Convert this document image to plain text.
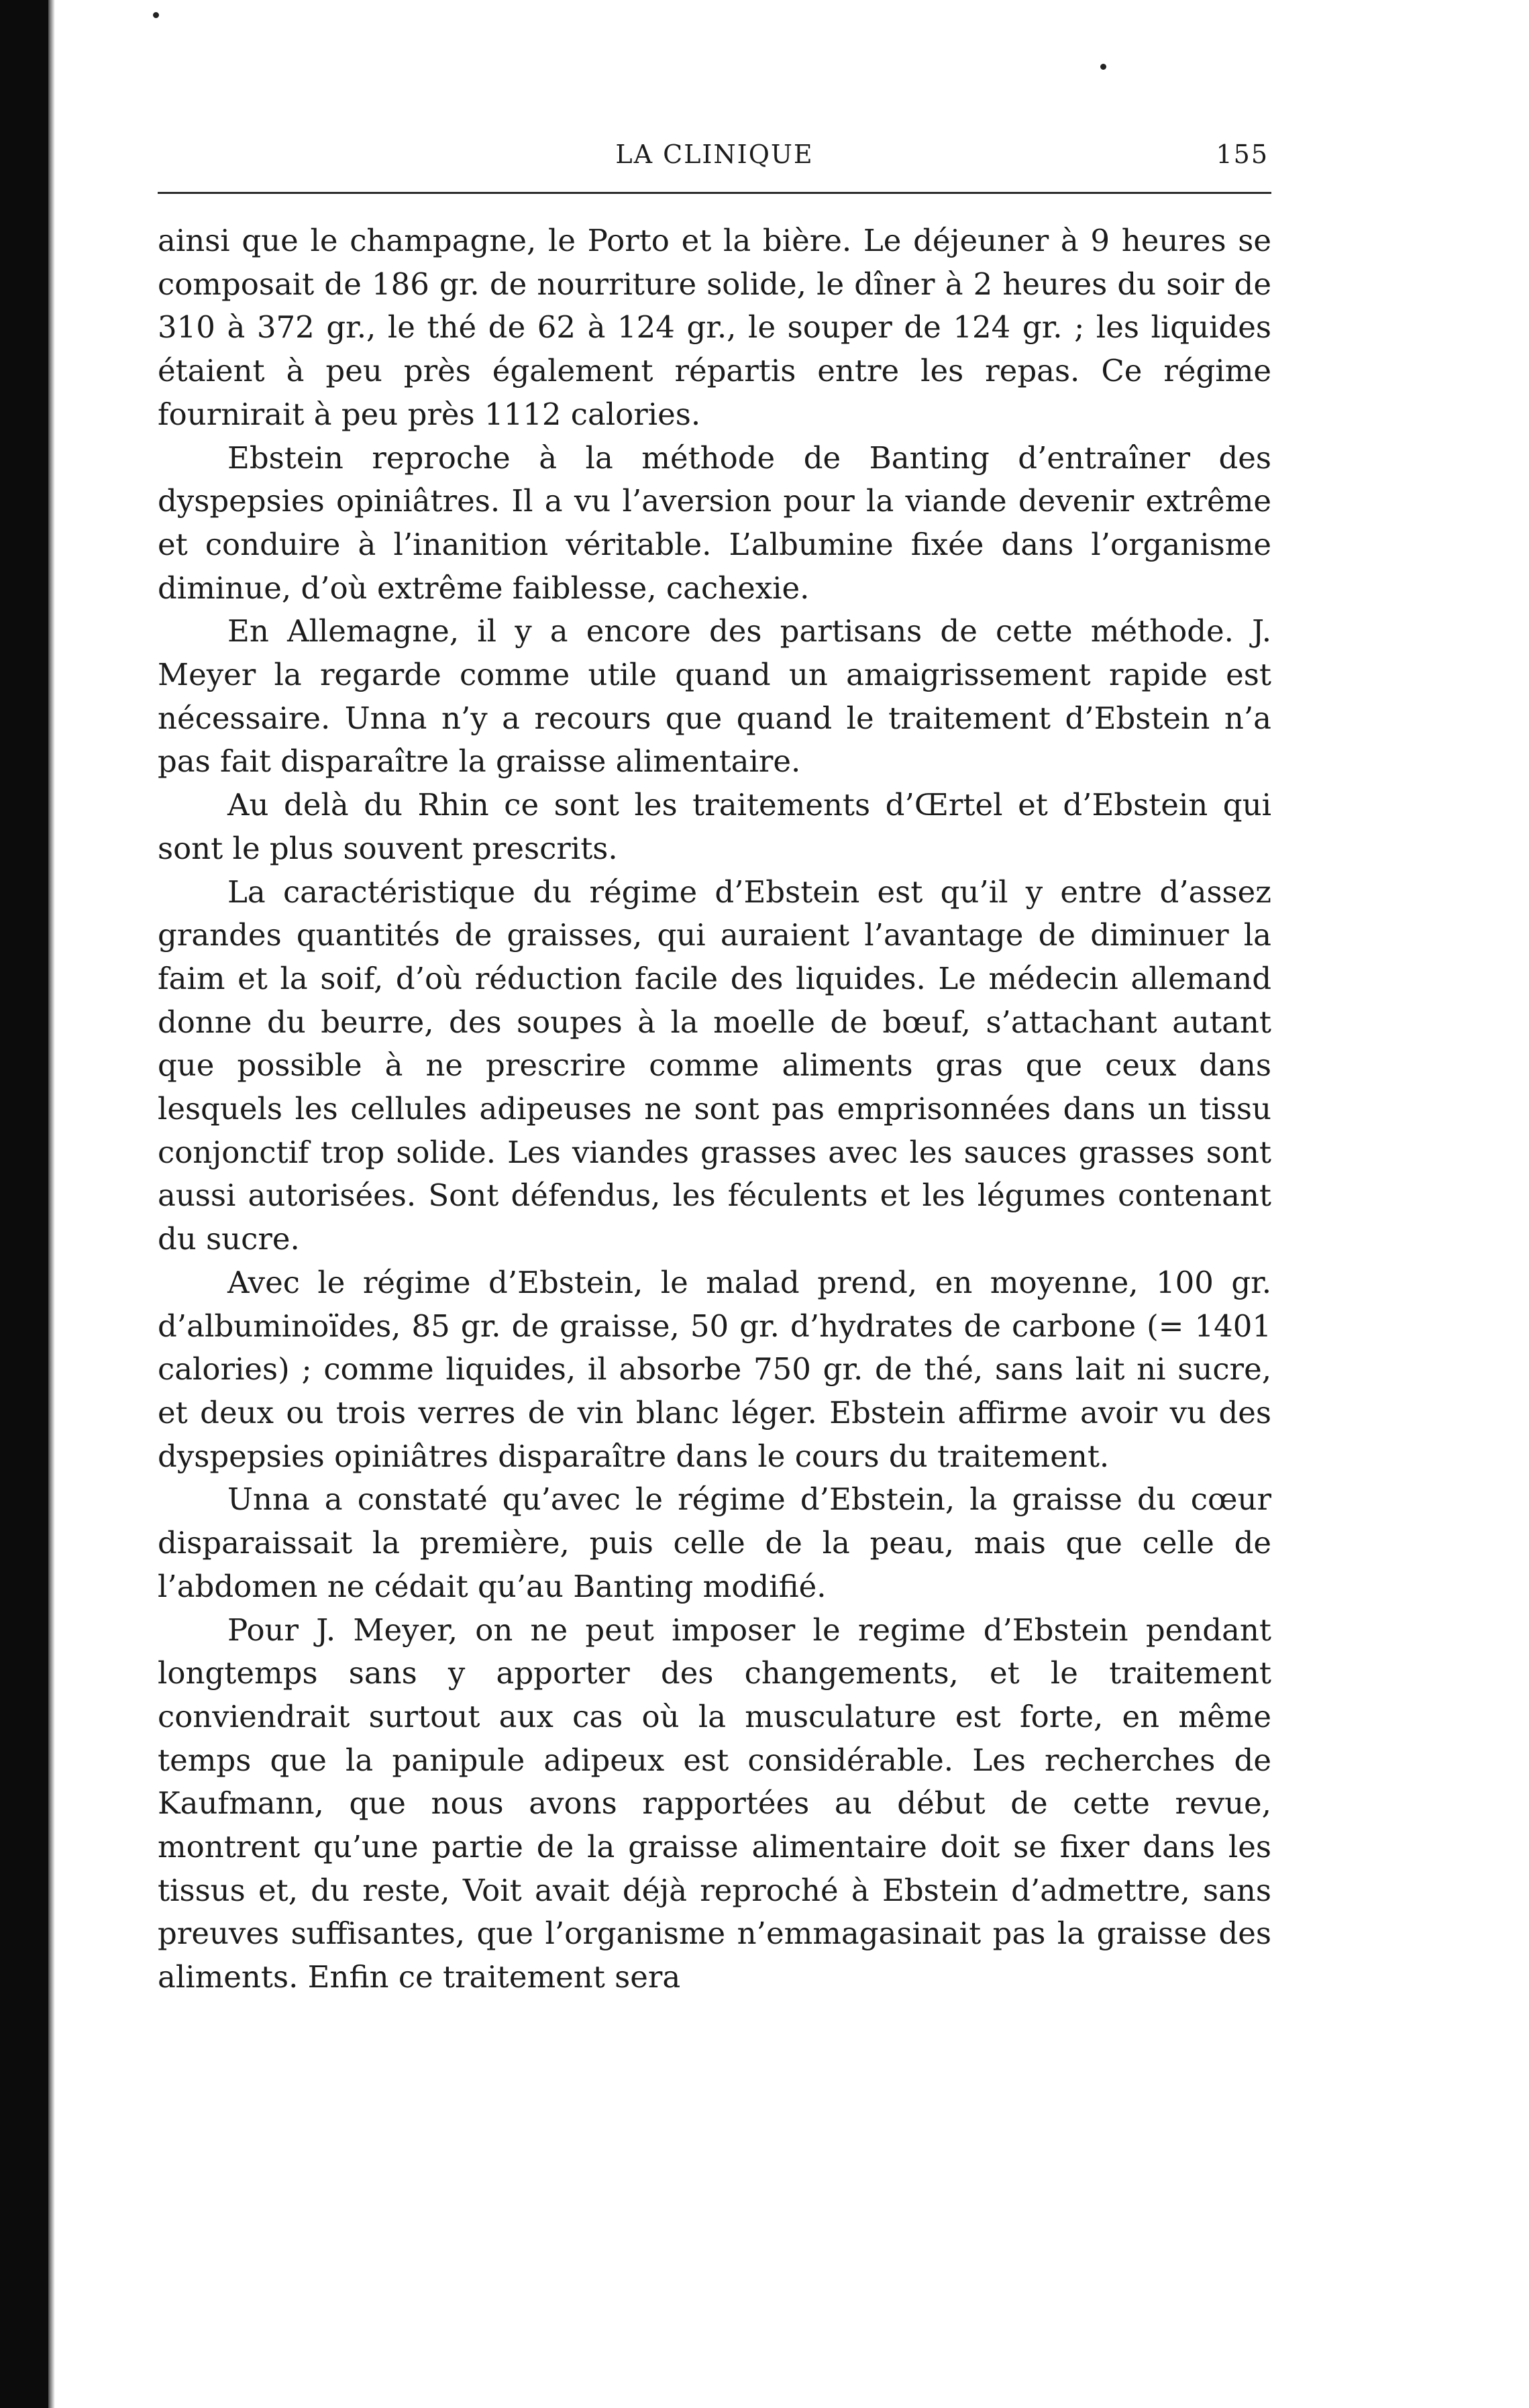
LA CLINIQUE	155

ainsi que le champagne, le Porto et la bière. Le déjeuner à 9 heures se composait de 186 gr. de nourriture solide, le dîner à 2 heures du soir de 310 à 372 gr., le thé de 62 à 124 gr., le souper de 124 gr. ; les liquides étaient à peu près également répartis entre les repas. Ce régime fournirait à peu près 1112 calories.

Ebstein reproche à la méthode de Banting d’entraîner des dyspepsies opiniâtres. Il a vu l’aversion pour la viande devenir extrême et conduire à l’inanition véritable. L’albumine fixée dans l’organisme diminue, d’où extrême faiblesse, cachexie.

En Allemagne, il y a encore des partisans de cette méthode. J. Meyer la regarde comme utile quand un amaigrissement rapide est nécessaire. Unna n’y a recours que quand le traitement d’Ebstein n’a pas fait disparaître la graisse alimentaire.

Au delà du Rhin ce sont les traitements d’Œrtel et d’Ebstein qui sont le plus souvent prescrits.

La caractéristique du régime d’Ebstein est qu’il y entre d’assez grandes quantités de graisses, qui auraient l’avantage de diminuer la faim et la soif, d’où réduction facile des liquides. Le médecin allemand donne du beurre, des soupes à la moelle de bœuf, s’attachant autant que possible à ne prescrire comme aliments gras que ceux dans lesquels les cellules adipeuses ne sont pas emprisonnées dans un tissu conjonctif trop solide. Les viandes grasses avec les sauces grasses sont aussi autorisées. Sont défendus, les féculents et les légumes contenant du sucre.

Avec le régime d’Ebstein, le malad prend, en moyenne, 100 gr. d’albuminoïdes, 85 gr. de graisse, 50 gr. d’hydrates de carbone (= 1401 calories) ; comme liquides, il absorbe 750 gr. de thé, sans lait ni sucre, et deux ou trois verres de vin blanc léger. Ebstein affirme avoir vu des dyspepsies opiniâtres disparaître dans le cours du traitement.

Unna a constaté qu’avec le régime d’Ebstein, la graisse du cœur disparaissait la première, puis celle de la peau, mais que celle de l’abdomen ne cédait qu’au Banting modifié.

Pour J. Meyer, on ne peut imposer le regime d’Ebstein pendant longtemps sans y apporter des changements, et le traitement conviendrait surtout aux cas où la musculature est forte, en même temps que la panipule adipeux est considérable. Les recherches de Kaufmann, que nous avons rapportées au début de cette revue, montrent qu’une partie de la graisse alimentaire doit se fixer dans les tissus et, du reste, Voit avait déjà reproché à Ebstein d’admettre, sans preuves suffisantes, que l’organisme n’emmagasinait pas la graisse des aliments. Enfin ce traitement sera
